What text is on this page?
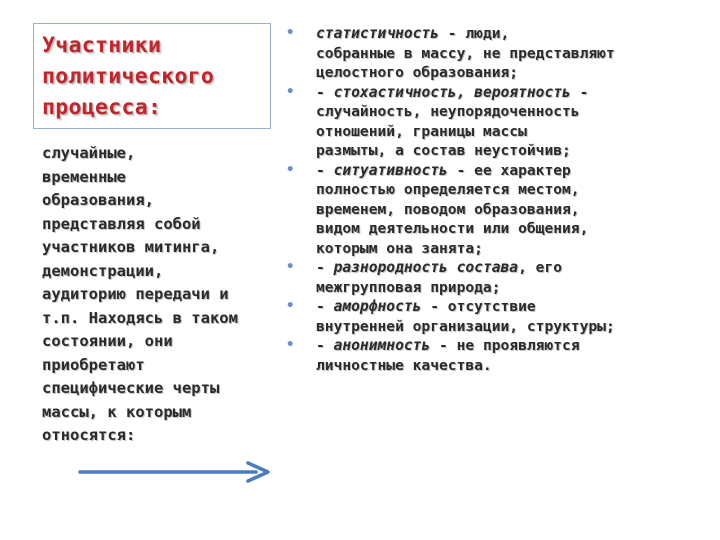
Участники
политического
процесса:
случайные,
временные
образования,
представляя собой
участников митинга,
демонстрации,
аудиторию передачи и
т.п. Находясь в таком
состоянии, они
приобретают
специфические черты
массы, к которым
относятся:
•	статистичность - люди,
собранные в массу, не представляют
целостного образования;
•	- стохастичность, вероятность -
случайность, неупорядоченность
отношений, границы массы
размыты, а состав неустойчив;
•	- ситуативность - ее характер
полностью определяется местом,
временем, поводом образования,
видом деятельности или общения,
которым она занята;
•	- разнородность состава, его
межгрупповая природа;
•	- аморфность - отсутствие
внутренней организации, структуры;
•	- анонимность - не проявляются
личностные качества.
